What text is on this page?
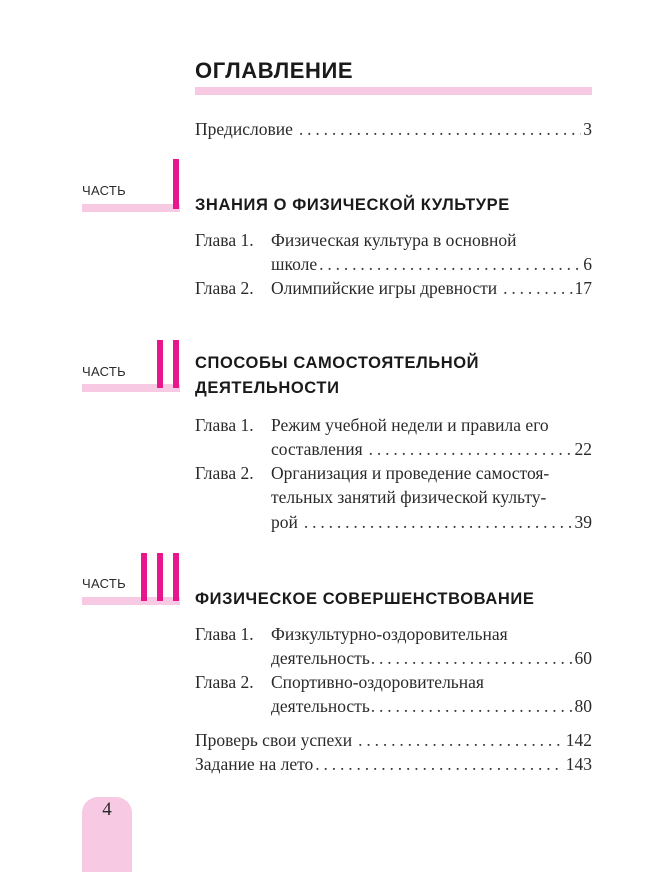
ОГЛАВЛЕНИЕ
Предисловие . . .	3
ЧАСТЬ
ЗНАНИЯ О ФИЗИЧЕСКОЙ КУЛЬТУРЕ
Глава 1. Физическая культура в основной
школе . . .	6
Глава 2. Олимпийские игры древности . . .	17
ЧАСТЬ	СПОСОБЫ САМОСТОЯТЕЛЬНОЙ
ДЕЯТЕЛЬНОСТИ
Глава 1. Режим учебной недели и правила его
составления . . .	22
Глава 2. Организация и проведение самостоя-
тельных занятий физической культу-
рой . . .	39
ЧАСТЬ
ФИЗИЧЕСКОЕ СОВЕРШЕНСТВОВАНИЕ
Глава 1. Физкультурно-оздоровительная
деятельность . . .	60
Глава 2. Спортивно-оздоровительная
деятельность . . .	80
Проверь свои успехи . . .	142
Задание на лето . . .	143
4
